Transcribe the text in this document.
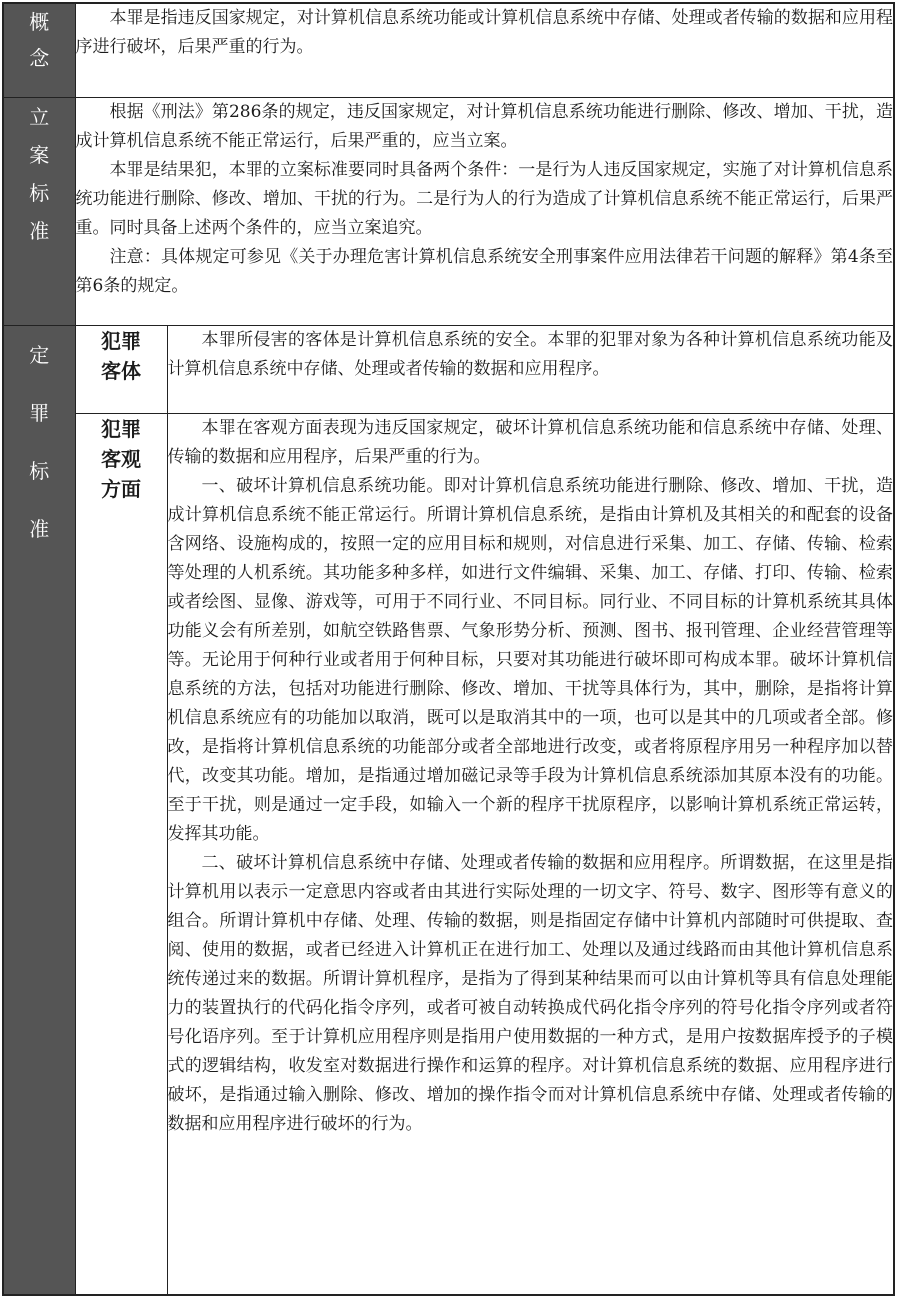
概念	本罪是指违反国家规定，对计算机信息系统功能或计算机信息系统中存储、处理或者传输的数据和应用程序进行破坏，后果严重的行为。	

立案标准	根据《刑法》第286条的规定，违反国家规定，对计算机信息系统功能进行删除、修改、增加、干扰，造成计算机信息系统不能正常运行，后果严重的，应当立案。

本罪是结果犯，本罪的立案标准要同时具备两个条件：一是行为人违反国家规定，实施了对计算机信息系统功能进行删除、修改、增加、干扰的行为。二是行为人的行为造成了计算机信息系统不能正常运行，后果严重。同时具备上述两个条件的，应当立案追究。

注意：具体规定可参见《关于办理危害计算机信息系统安全刑事案件应用法律若干问题的解释》第4条至第6条的规定。	

定罪标准	犯罪客体	本罪所侵害的客体是计算机信息系统的安全。本罪的犯罪对象为各种计算机信息系统功能及计算机信息系统中存储、处理或者传输的数据和应用程序。

	犯罪客观方面	本罪在客观方面表现为违反国家规定，破坏计算机信息系统功能和信息系统中存储、处理、传输的数据和应用程序，后果严重的行为。

一、破坏计算机信息系统功能。即对计算机信息系统功能进行删除、修改、增加、干扰，造成计算机信息系统不能正常运行。所谓计算机信息系统，是指由计算机及其相关的和配套的设备含网络、设施构成的，按照一定的应用目标和规则，对信息进行采集、加工、存储、传输、检索等处理的人机系统。其功能多种多样，如进行文件编辑、采集、加工、存储、打印、传输、检索或者绘图、显像、游戏等，可用于不同行业、不同目标。同行业、不同目标的计算机系统其具体功能义会有所差别，如航空铁路售票、气象形势分析、预测、图书、报刊管理、企业经营管理等等。无论用于何种行业或者用于何种目标，只要对其功能进行破坏即可构成本罪。破坏计算机信息系统的方法，包括对功能进行删除、修改、增加、干扰等具体行为，其中，删除，是指将计算机信息系统应有的功能加以取消，既可以是取消其中的一项，也可以是其中的几项或者全部。修改，是指将计算机信息系统的功能部分或者全部地进行改变，或者将原程序用另一种程序加以替代，改变其功能。增加，是指通过增加磁记录等手段为计算机信息系统添加其原本没有的功能。至于干扰，则是通过一定手段，如输入一个新的程序干扰原程序，以影响计算机系统正常运转，发挥其功能。

二、破坏计算机信息系统中存储、处理或者传输的数据和应用程序。所谓数据，在这里是指计算机用以表示一定意思内容或者由其进行实际处理的一切文字、符号、数字、图形等有意义的组合。所谓计算机中存储、处理、传输的数据，则是指固定存储中计算机内部随时可供提取、查阅、使用的数据，或者已经进入计算机正在进行加工、处理以及通过线路而由其他计算机信息系统传递过来的数据。所谓计算机程序，是指为了得到某种结果而可以由计算机等具有信息处理能力的装置执行的代码化指令序列，或者可被自动转换成代码化指令序列的符号化指令序列或者符号化语序列。至于计算机应用程序则是指用户使用数据的一种方式，是用户按数据库授予的子模式的逻辑结构，收发室对数据进行操作和运算的程序。对计算机信息系统的数据、应用程序进行破坏，是指通过输入删除、修改、增加的操作指令而对计算机信息系统中存储、处理或者传输的数据和应用程序进行破坏的行为。
